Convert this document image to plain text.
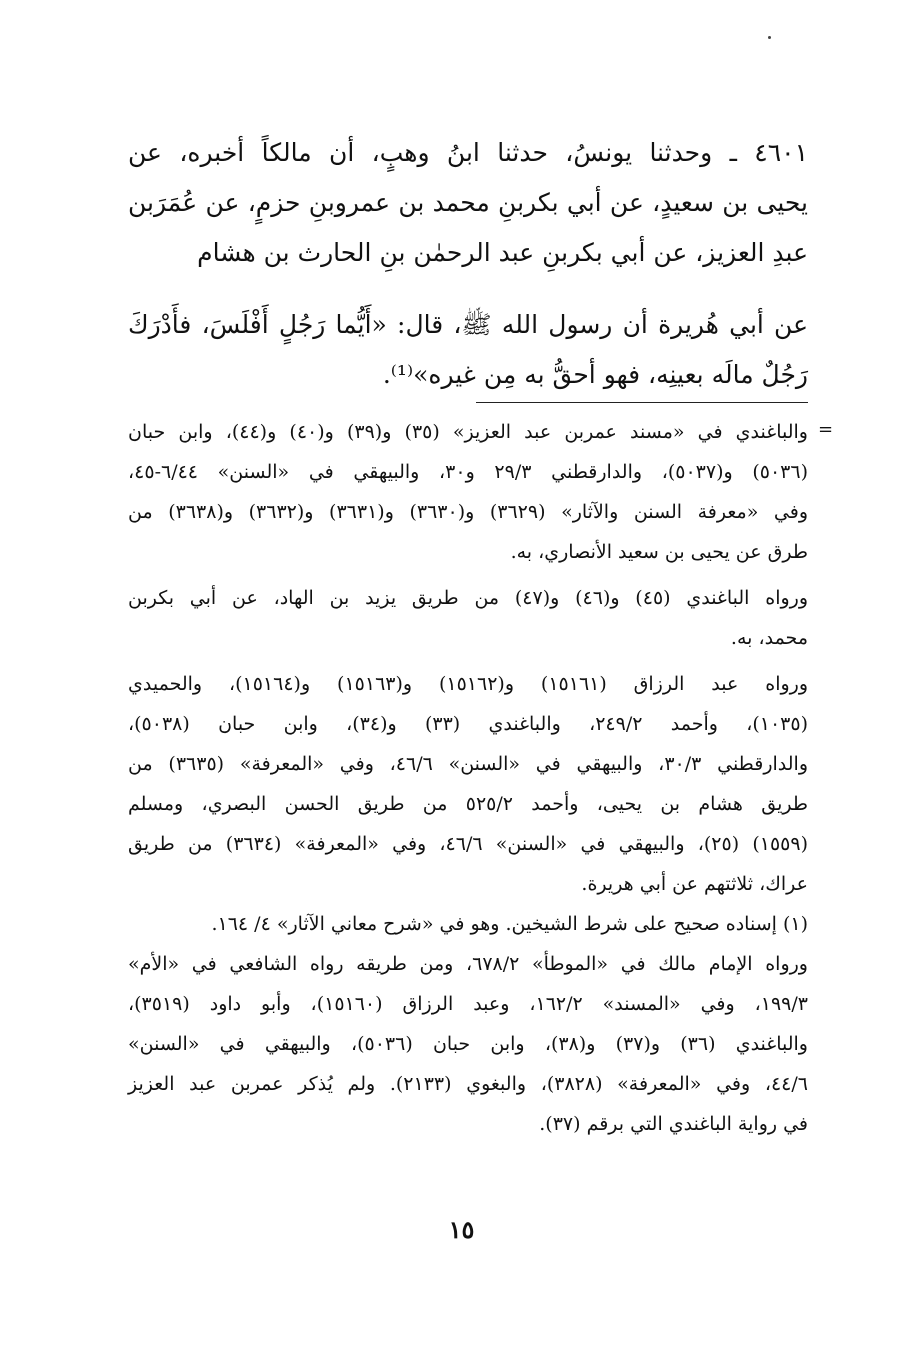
٤٦٠١ ـ وحدثنا يونسُ، حدثنا ابنُ وهبٍ، أن مالكاً أخبره، عن
يحيى بن سعيدٍ، عن أبي بكربنِ محمد بن عمروبنِ حزمٍ، عن عُمَرَبن
عبدِ العزيز، عن أبي بكربنِ عبد الرحمٰن بنِ الحارث بن هشام
عن أبي هُريرة أن رسول الله ﷺ، قال: «أَيُّما رَجُلٍ أَفْلَسَ، فأَدْرَكَ
رَجُلٌ مالَه بعينِه، فهو أحقُّ به مِن غيره»⁽¹⁾.
=
والباغندي في «مسند عمربن عبد العزيز» (٣٥) و(٣٩) و(٤٠) و(٤٤)، وابن حبان
(٥٠٣٦) و(٥٠٣٧)، والدارقطني ٢٩/٣ و٣٠، والبيهقي في «السنن» ٦/٤٤-٤٥،
وفي «معرفة السنن والآثار» (٣٦٢٩) و(٣٦٣٠) و(٣٦٣١) و(٣٦٣٢) و(٣٦٣٨) من
طرق عن يحيى بن سعيد الأنصاري، به.
ورواه الباغندي (٤٥) و(٤٦) و(٤٧) من طريق يزيد بن الهاد، عن أبي بكربن
محمد، به.
ورواه عبد الرزاق (١٥١٦١) و(١٥١٦٢) و(١٥١٦٣) و(١٥١٦٤)، والحميدي
(١٠٣٥)، وأحمد ٢٤٩/٢، والباغندي (٣٣) و(٣٤)، وابن حبان (٥٠٣٨)،
والدارقطني ٣٠/٣، والبيهقي في «السنن» ٤٦/٦، وفي «المعرفة» (٣٦٣٥) من
طريق هشام بن يحيى، وأحمد ٥٢٥/٢ من طريق الحسن البصري، ومسلم
(١٥٥٩) (٢٥)، والبيهقي في «السنن» ٤٦/٦، وفي «المعرفة» (٣٦٣٤) من طريق
عراك، ثلاثتهم عن أبي هريرة.
(١) إسناده صحيح على شرط الشيخين. وهو في «شرح معاني الآثار» ٤/ ١٦٤.
ورواه الإمام مالك في «الموطأ» ٦٧٨/٢، ومن طريقه رواه الشافعي في «الأم»
١٩٩/٣، وفي «المسند» ١٦٢/٢، وعبد الرزاق (١٥١٦٠)، وأبو داود (٣٥١٩)،
والباغندي (٣٦) و(٣٧) و(٣٨)، وابن حبان (٥٠٣٦)، والبيهقي في «السنن»
٤٤/٦، وفي «المعرفة» (٣٨٢٨)، والبغوي (٢١٣٣). ولم يُذكر عمربن عبد العزيز
في رواية الباغندي التي برقم (٣٧).
١٥
